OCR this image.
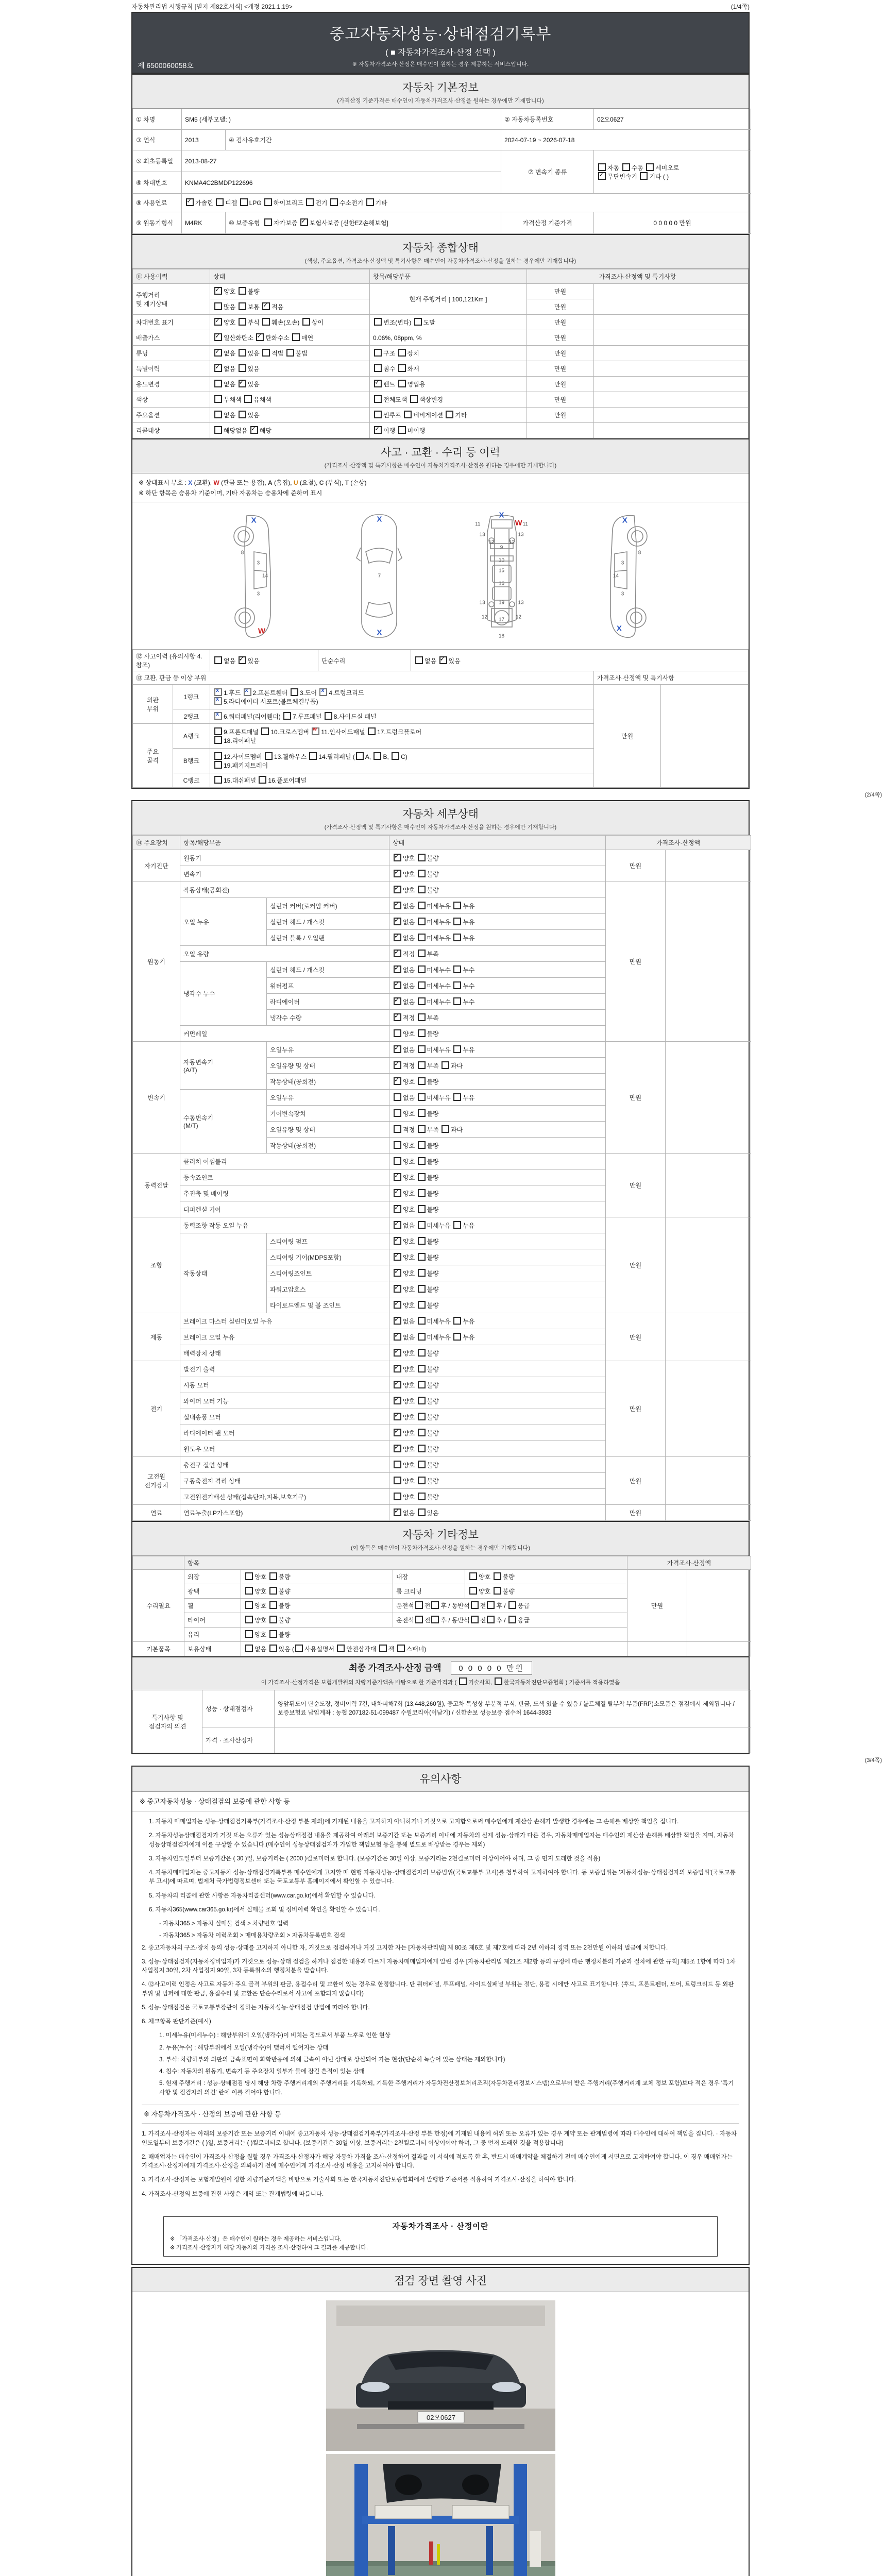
자동차관리법 시행규칙 [별지 제82호서식] <개정 2021.1.19>	(1/4쪽)
중고자동차성능·상태점검기록부
( ■ 자동차가격조사·산정 선택 )
※ 자동차가격조사·산정은 매수인이 원하는 경우 제공하는 서비스입니다.
제 6500060058호
자동차 기본정보
(가격산정 기준가격은 매수인이 자동차가격조사·산정을 원하는 경우에만 기재합니다)
① 차명	SM5 (세부모델: )		② 자동차등록번호	02오0627
③ 연식	2013	④ 검사유효기간	2024-07-19 ~ 2026-07-18	
⑤ 최초등록일	2013-08-27		⑦ 변속기 종류	자동 수동 세미오토
✓무단변속기 기타 ( )
⑥ 차대번호	KNMA4C2BMDP122696			
⑧ 사용연료	✓가솔린 디젤 LPG 하이브리드 전기 수소전기 기타
⑨ 원동기형식	M4RK	⑩ 보증유형 자가보증 ✓보험사보증 [신한EZ손해보험]	가격산정 기준가격	0 0 0 0 0 만원
자동차 종합상태
(색상, 주요옵션, 가격조사·산정액 및 특기사항은 매수인이 자동차가격조사·산정을 원하는 경우에만 기재합니다)
⑪ 사용이력	상태	항목/해당부품	가격조사·산정액 및 특기사항	
주행거리
및 계기상태	✓양호 불량	현재 주행거리 [ 100,121Km ]	만원	
	많음 보통 ✓적음		만원	
차대번호 표기	✓양호 부식 훼손(오손) 상이	변조(변타) 도말	만원	
배출가스	✓일산화탄소 ✓탄화수소 매연	0.06%, 08ppm, %	만원	
튜닝	✓없음 있음 적법 불법	구조 장치	만원	
특별이력	✓없음 있음	침수 화재	만원	
용도변경	없음 ✓있음	✓렌트 영업용	만원	
색상	무채색 유채색	전체도색 색상변경	만원	
주요옵션	없음 있음	썬루프 네비게이션 기타	만원	
리콜대상	해당없음 ✓해당	✓이행 미이행		
사고 · 교환 · 수리 등 이력
(가격조사·산정액 및 특기사항은 매수인이 자동차가격조사·산정을 원하는 경우에만 기재합니다)
※ 상태표시 부호 : X (교환), W (판금 또는 용접), A (흠집), U (요철), C (부식), T (손상)
※ 하단 항목은 승용차 기준이며, 기타 자동차는 승용차에 준하여 표시
8
3
14
3
X
W
7
X
X
11	11
13	13
12	12
9
10
15
16
13	13
19
12	12
17
18
X
W
3
8
14
3
X
X
⑫ 사고이력 (유의사항 4.참조)		없음 ✓있음	단순수리	없음 ✓있음
⑬ 교환, 판금 등 이상 부위					가격조사·산정액 및 특기사항	
외판
부위	1랭크	x1.후드 x2.프론트휀더 3.도어 x4.트렁크리드
x5.라디에이터 서포트(볼트체결부품)			만원	
	2랭크	x6.쿼터패널(리어휀더) 7.루프패널 8.사이드실 패널
주요
골격	A랭크	9.프론트패널 10.크로스멤버 w11.인사이드패널 17.트렁크플로어
18.리어패널
	B랭크	12.사이드멤버 13.휠하우스 14.필러패널 ( A, B, C)
19.패키지트레이				
	C랭크	15.대쉬패널 16.플로어패널				
(2/4쪽)
자동차 세부상태
(가격조사·산정액 및 특기사항은 매수인이 자동차가격조사·산정을 원하는 경우에만 기재합니다)
⑭ 주요장치	항목/해당부품		상태	가격조사·산정액	
자기진단	원동기	✓양호 불량	만원	
	변속기	✓양호 불량
원동기	작동상태(공회전)	✓양호 불량	만원	
	오일 누유	실린더 커버(로커암 커버)	✓없음 미세누유 누유
		실린더 헤드 / 개스킷	✓없음 미세누유 누유
		실린더 블록 / 오일팬	✓없음 미세누유 누유
	오일 유량	✓적정 부족
	냉각수 누수	실린더 헤드 / 개스킷	✓없음 미세누수 누수
		워터펌프	✓없음 미세누수 누수
		라디에이터	✓없음 미세누수 누수
		냉각수 수량	✓적정 부족
	커먼레일		양호 불량		
변속기	자동변속기
(A/T)	오일누유	✓없음 미세누유 누유	만원	
		오일유량 및 상태	✓적정 부족 과다
		작동상태(공회전)	✓양호 불량
	수동변속기
(M/T)	오일누유	없음 미세누유 누유		
		기어변속장치	양호 불량		
		오일유량 및 상태	적정 부족 과다		
		작동상태(공회전)	양호 불량		
동력전달	클러치 어셈블리		양호 불량	만원	
	등속죠인트	✓양호 불량
	추진축 및 베어링	✓양호 불량
	디퍼렌셜 기어	✓양호 불량
조향	동력조향 작동 오일 누유	✓없음 미세누유 누유	만원	
	작동상태	스티어링 펌프	✓양호 불량
		스티어링 기어(MDPS포함)	✓양호 불량
		스티어링조인트	✓양호 불량
		파워고압호스	✓양호 불량
		타이로드엔드 및 볼 조인트	✓양호 불량
제동	브레이크 마스터 실린더오일 누유	✓없음 미세누유 누유	만원	
	브레이크 오일 누유	✓없음 미세누유 누유
	배력장치 상태	✓양호 불량
전기	발전기 출력	✓양호 불량	만원	
	시동 모터	✓양호 불량
	와이퍼 모터 기능	✓양호 불량
	실내송풍 모터	✓양호 불량
	라디에이터 팬 모터	✓양호 불량
	윈도우 모터	✓양호 불량
고전원
전기장치	충전구 절연 상태		양호 불량	만원	
	구동축전지 격리 상태		양호 불량		
	고전원전기배선 상태(접속단자,피복,보호기구)		양호 불량		
연료	연료누출(LP가스포함)	✓없음 있음	만원	
자동차 기타정보
(이 항목은 매수인이 자동차가격조사·산정을 원하는 경우에만 기재합니다)
	항목				가격조사·산정액	
수리필요	외장	양호 불량	내장	양호 불량	만원	
	광택	양호 불량	룸 크리닝	양호 불량		
	휠	양호 불량	운전석 전 후 / 동반석 전 후 / 응급			
	타이어	양호 불량	운전석 전 후 / 동반석 전 후 / 응급			
	유리	양호 불량				
기본품목	보유상태	없음 있음 ( 사용설명서 안전삼각대 잭 스패너)				
최종 가격조사·산정 금액 0 0 0 0 0 만원
이 가격조사·산정가격은 보험개발원의 차량기준가액을 바탕으로 한 기준가격과 ( 기술사회, 한국자동차진단보증협회 ) 기준서를 적용하였음
특기사항 및
점검자의 의견	성능 · 상태점검자	양앞뒤도어 단순도장, 정비이력 7건, 내차피해7회 (13,448,260원), 중고차 특성상 부분적 부식, 판금, 도색 있을 수 있음 / 볼트체결 탈부착 부품(FRP)소모품은 점검에서 제외됩니다 / 보증보험료 납입계좌 : 농협 207182-51-099487 수원코리아(이남기) / 신한손보 성능보증 접수처 1644-3933
	가격 · 조사산정자	
(3/4쪽)
유의사항
※ 중고자동차성능 · 상태점검의 보증에 관한 사항 등

1. 자동차 매매업자는 성능·상태점검기록부(가격조사·산정 부분 제외)에 기재된 내용을 고지하지 아니하거나 거짓으로 고지함으로써 매수인에게 재산상 손해가 발생한 경우에는 그 손해를 배상할 책임을 집니다.

2. 자동차성능상태점검자가 거짓 또는 오류가 있는 성능상태점검 내용을 제공하여 아래의 보증기간 또는 보증거리 이내에 자동차의 실제 성능·상태가 다른 경우, 자동차매매업자는 매수인의 재산상 손해를 배상할 책임을 지며, 자동차성능상태점검자에게 이를 구상할 수 있습니다.(매수인이 성능상태점검자가 가입한 책임보험 등을 통해 별도로 배상받는 경우는 제외)

3. 자동차인도일부터 보증기간은 ( 30 )일, 보증거리는 ( 2000 )킬로미터로 합니다. (보증기간은 30일 이상, 보증거리는 2천킬로미터 이상이어야 하며, 그 중 먼저 도래한 것을 적용)

4. 자동차매매업자는 중고자동차 성능·상태점검기록부를 매수인에게 고지할 때 현행 자동차성능·상태점검자의 보증범위(국토교통부 고시)를 첨부하여 고지하여야 합니다. 동 보증범위는 '자동차성능·상태점검자의 보증범위'(국토교통부 고시)에 따르며, 법제처 국가법령정보센터 또는 국토교통부 홈페이지에서 확인할 수 있습니다.

5. 자동차의 리콜에 관한 사항은 자동차리콜센터(www.car.go.kr)에서 확인할 수 있습니다.

6. 자동차365(www.car365.go.kr)에서 실매물 조회 및 정비이력 확인을 확인할 수 있습니다.

- 자동차365 > 자동차 실매물 검색 > 차량번호 입력

- 자동차365 > 자동차 이력조회 > 매매용차량조회 > 자동차등록번호 검색

2. 중고자동차의 구조·장치 등의 성능·상태를 고지하지 아니한 자, 거짓으로 점검하거나 거짓 고지한 자는 [자동차관리법] 제 80조 제6호 및 제7호에 따라 2년 이하의 징역 또는 2천만원 이하의 벌금에 처합니다.

3. 성능·상태점검자(자동차정비업자)가 거짓으로 성능·상태 점검을 하거나 점검한 내용과 다르게 자동차매매업자에게 알린 경우 [자동차관리법 제21조 제2항 등의 규정에 따른 행정처분의 기준과 절차에 관한 규칙] 제5조 1항에 따라 1차 사업정지 30일, 2차 사업정지 90일, 3차 등록취소의 행정처분을 받습니다.

4. ⑫사고이력 인정은 사고로 자동차 주요 골격 부위의 판금, 용접수리 및 교환이 있는 경우로 한정합니다. 단 쿼터패널, 루프패널, 사이드실패널 부위는 절단, 용접 시에만 사고로 표기합니다. (후드, 프론트펜더, 도어, 트렁크리드 등 외판 부위 및 범퍼에 대한 판금, 용접수리 및 교환은 단순수리로서 사고에 포함되지 않습니다)

5. 성능·상태점검은 국토교통부장관이 정하는 자동차성능·상태점검 방법에 따라야 합니다.

6. 체크항목 판단기준(예시)

1. 미세누유(미세누수) : 해당부위에 오일(냉각수)이 비치는 정도로서 부품 노후로 인한 현상

2. 누유(누수) : 해당부위에서 오일(냉각수)이 맺혀서 떨어지는 상태

3. 부식: 차량하부와 외판의 금속표면이 화학반응에 의해 금속이 아닌 상태로 상실되어 가는 현상(단순히 녹슬어 있는 상태는 제외합니다)

4. 침수: 자동차의 원동기, 변속기 등 주요장치 일부가 물에 잠긴 흔적이 있는 상태

5. 현재 주행거리 : 성능·상태점검 당시 해당 차량 주행거리계의 주행거리를 기록하되, 기록한 주행거리가 자동차전산정보처리조직(자동차관리정보시스템)으로부터 받은 주행거리(주행거리계 교체 정보 포함)보다 적은 경우 '특기사항 및 점검자의 의견' 란에 이를 적어야 합니다.

※ 자동차가격조사 · 산정의 보증에 관한 사항 등

1. 가격조사·산정자는 아래의 보증기간 또는 보증거리 이내에 중고자동차 성능·상태점검기록부(가격조사·산정 부분 한정)에 기재된 내용에 허위 또는 오류가 있는 경우 계약 또는 관계법령에 따라 매수인에 대하여 책임을 집니다. · 자동차인도일부터 보증기간은 ( )일, 보증거리는 ( )킬로미터로 합니다. (보증기간은 30일 이상, 보증거리는 2천킬로미터 이상이어야 하며, 그 중 먼저 도래한 것을 적용합니다)

2. 매매업자는 매수인이 가격조사·산정을 원할 경우 가격조사·산정자가 해당 자동차 가격을 조사·산정하여 결과를 이 서식에 적도록 한 후, 반드시 매매계약을 체결하기 전에 매수인에게 서면으로 고지하여야 합니다. 이 경우 매매업자는 가격조사·산정자에게 가격조사·산정을 의뢰하기 전에 매수인에게 가격조사·산정 비용을 고지하여야 합니다.

3. 가격조사·산정자는 보험개발원이 정한 차량기준가액을 바탕으로 기술사회 또는 한국자동차진단보증협회에서 발행한 기준서를 적용하여 가격조사·산정을 하여야 합니다.

4. 가격조사·산정의 보증에 관한 사항은 계약 또는 관계법령에 따릅니다.

자동차가격조사 · 산정이란
※ 「가격조사·산정」은 매수인이 원하는 경우 제공하는 서비스입니다.
※ 가격조사·산정자가 해당 자동차의 가격을 조사·산정하여 그 결과를 제공합니다.
점검 장면 촬영 사진
02오0627
